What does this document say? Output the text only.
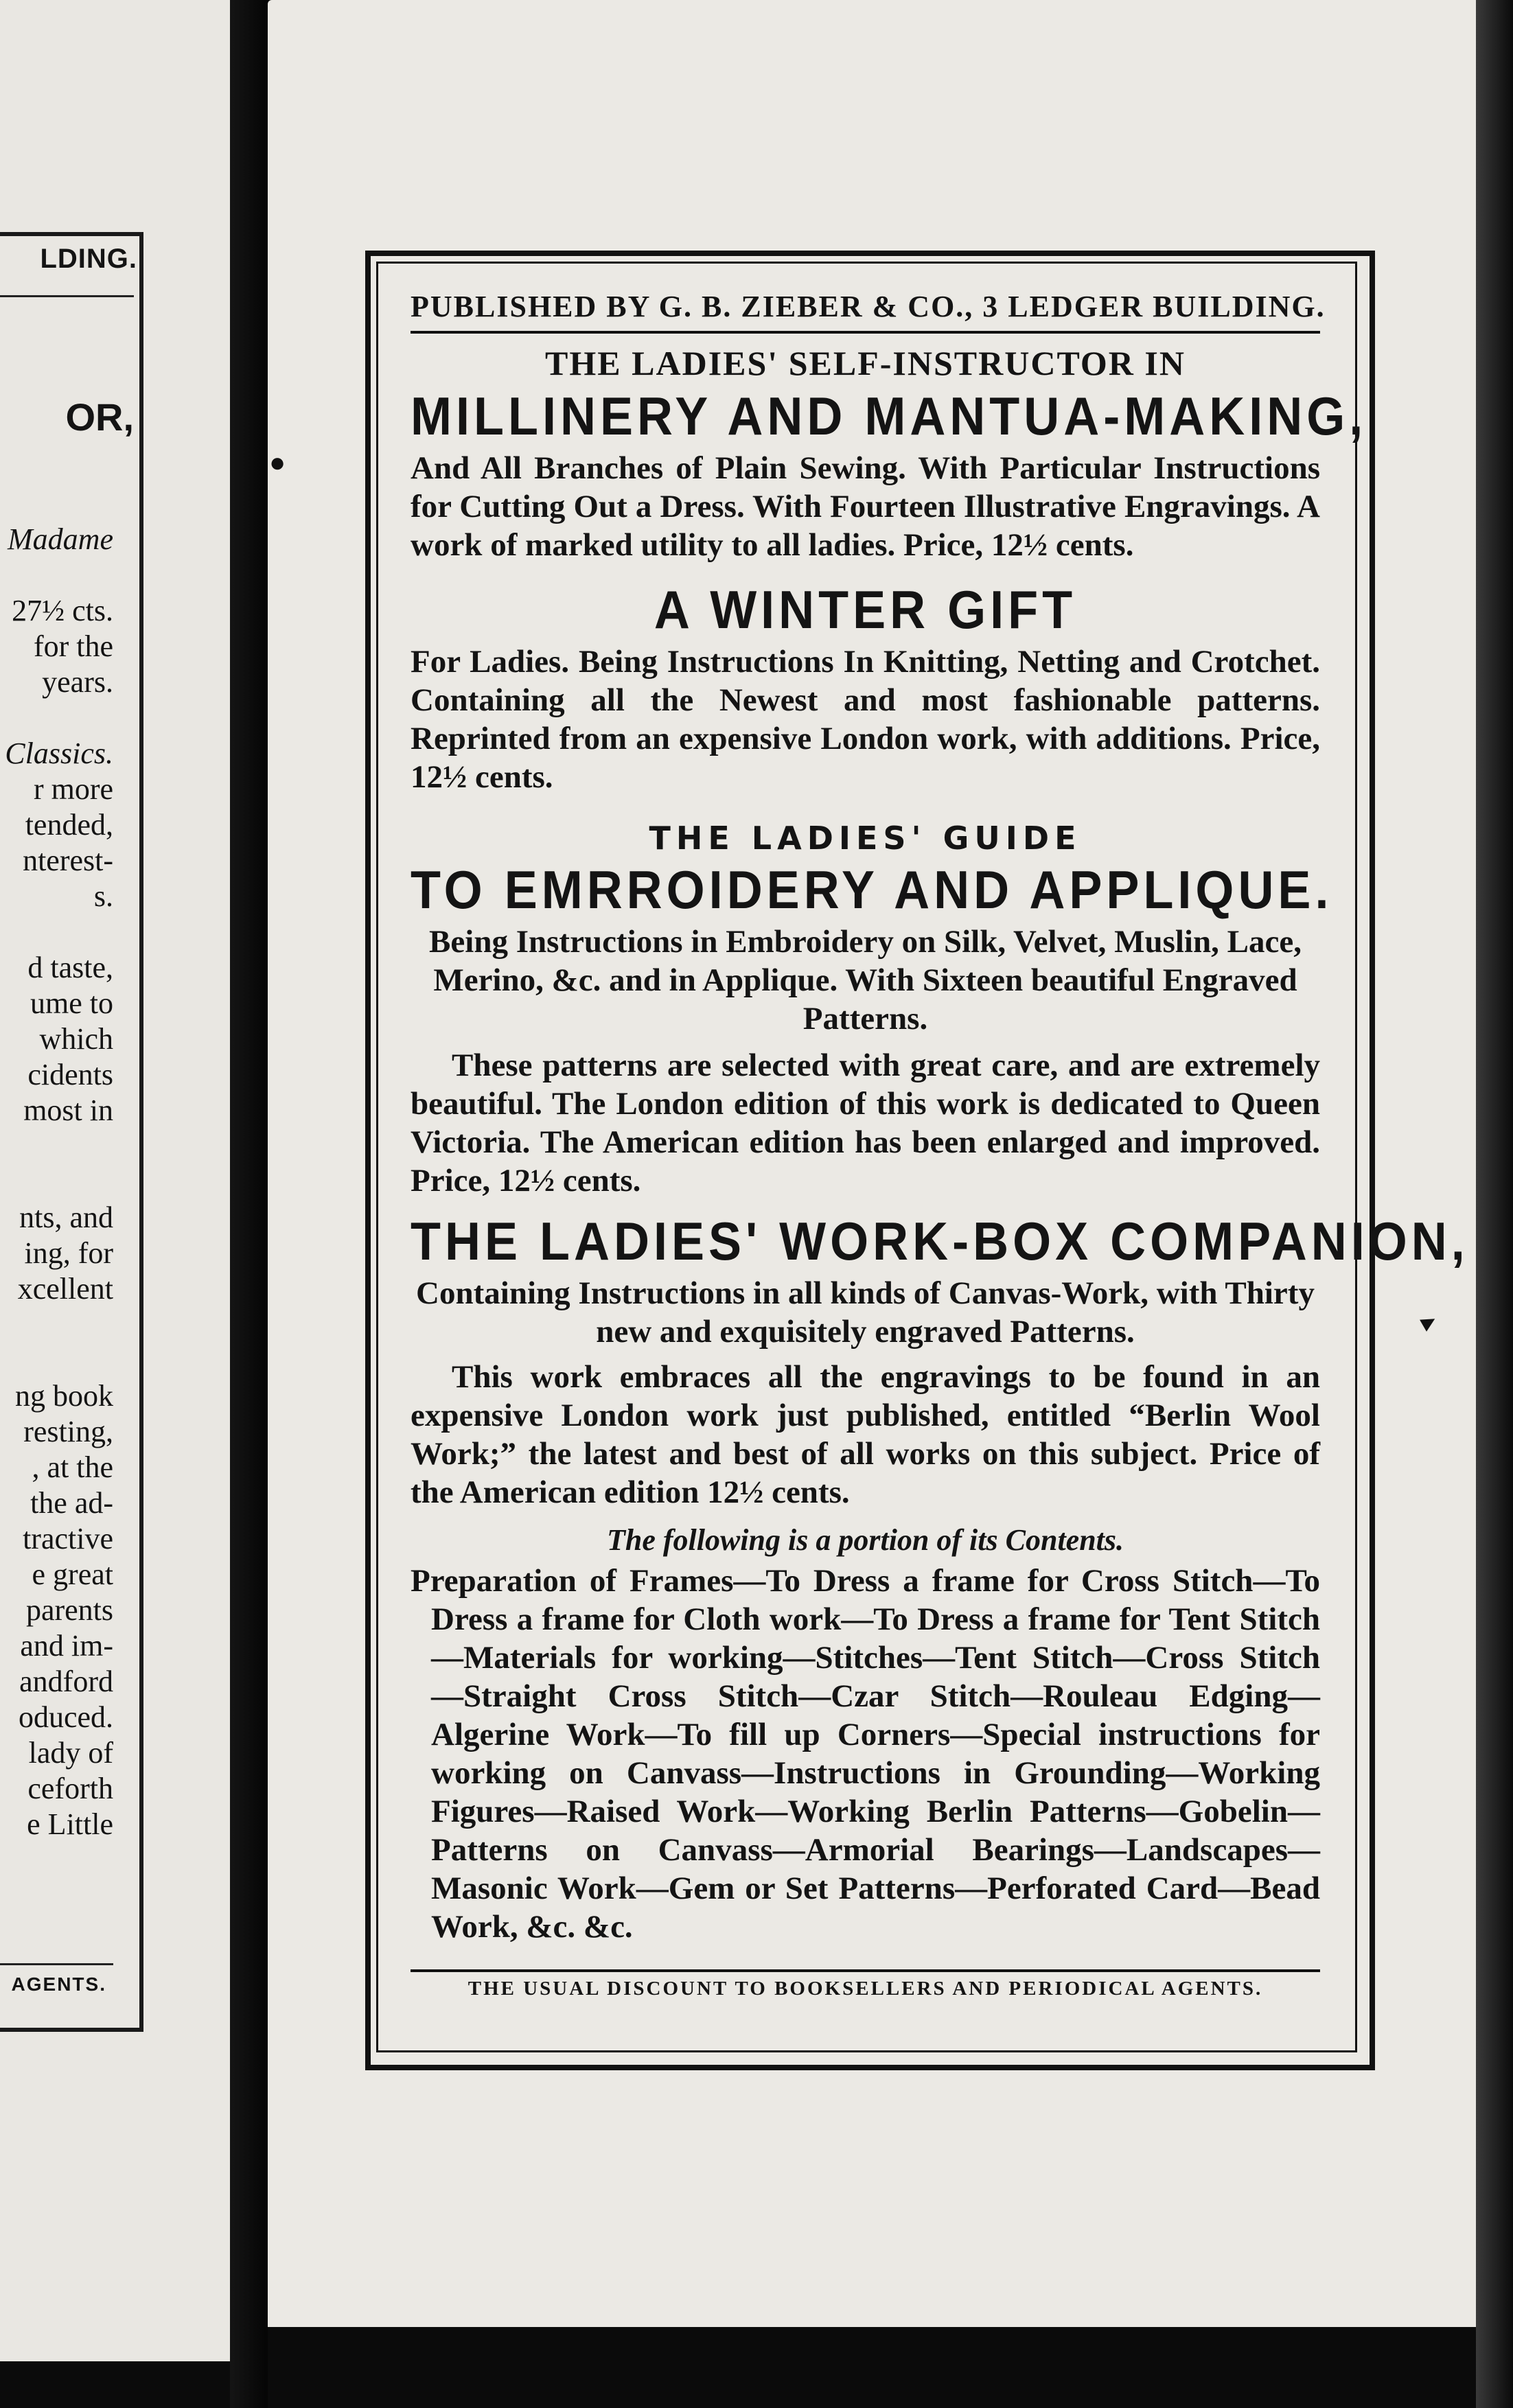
LDING.
OR,
Madame
27½ cts.
for the
years.
Classics.
r more
tended,
nterest-
s.
d taste,
ume to
which
cidents
most in
nts, and
ing, for
xcellent
ng book
resting,
, at the
the ad-
tractive
e great
parents
and im-
andford
oduced.
lady of
ceforth
e Little
AGENTS.
PUBLISHED BY G. B. ZIEBER & CO., 3 LEDGER BUILDING.
THE LADIES' SELF-INSTRUCTOR IN
MILLINERY AND MANTUA-MAKING,
And All Branches of Plain Sewing. With Particular Instructions for Cutting Out a Dress. With Fourteen Illustrative Engravings. A work of marked utility to all ladies. Price, 12½ cents.
A WINTER GIFT
For Ladies. Being Instructions In Knitting, Netting and Crotchet. Containing all the Newest and most fashionable patterns. Reprinted from an expensive London work, with additions. Price, 12½ cents.
THE LADIES' GUIDE
TO EMRROIDERY AND APPLIQUE.
Being Instructions in Embroidery on Silk, Velvet, Muslin, Lace, Merino, &c. and in Applique. With Sixteen beautiful Engraved Patterns.
These patterns are selected with great care, and are extremely beautiful. The London edition of this work is dedicated to Queen Victoria. The American edition has been enlarged and improved. Price, 12½ cents.
THE LADIES' WORK-BOX COMPANION,
Containing Instructions in all kinds of Canvas-Work, with Thirty new and exquisitely engraved Patterns.
This work embraces all the engravings to be found in an expensive London work just published, entitled “Berlin Wool Work;” the latest and best of all works on this subject. Price of the American edition 12½ cents.
The following is a portion of its Contents.
Preparation of Frames—To Dress a frame for Cross Stitch—To Dress a frame for Cloth work—To Dress a frame for Tent Stitch—Materials for working—Stitches—Tent Stitch—Cross Stitch—Straight Cross Stitch—Czar Stitch—Rouleau Edging—Algerine Work—To fill up Corners—Special instructions for working on Canvass—Instructions in Grounding—Working Figures—Raised Work—Working Berlin Patterns—Gobelin—Patterns on Canvass—Armorial Bearings—Landscapes—Masonic Work—Gem or Set Patterns—Perforated Card—Bead Work, &c. &c.
THE USUAL DISCOUNT TO BOOKSELLERS AND PERIODICAL AGENTS.
●
▸
